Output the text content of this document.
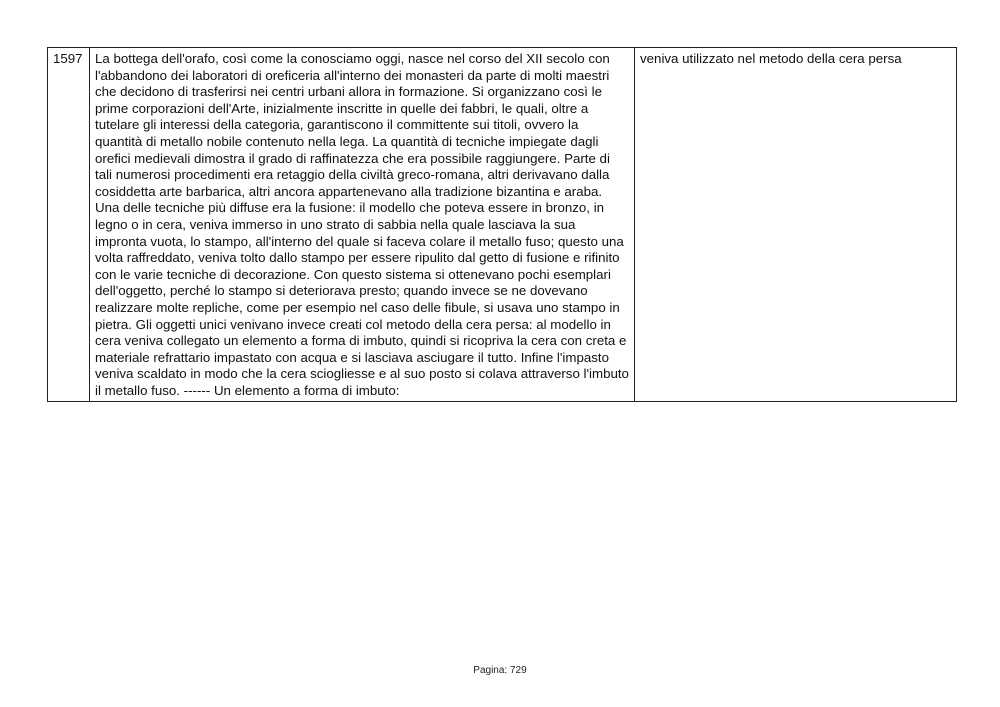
1597	La bottega dell'orafo, così come la conosciamo oggi, nasce nel corso del XII secolo con l'abbandono dei laboratori di oreficeria all'interno dei monasteri da parte di molti maestri che decidono di trasferirsi nei centri urbani allora in formazione. Si organizzano così le prime corporazioni dell'Arte, inizialmente inscritte in quelle dei fabbri, le quali, oltre a tutelare gli interessi della categoria, garantiscono il committente sui titoli, ovvero la quantità di metallo nobile contenuto nella lega. La quantità di tecniche impiegate dagli orefici medievali dimostra il grado di raffinatezza che era possibile raggiungere. Parte di tali numerosi procedimenti era retaggio della civiltà greco-romana, altri derivavano dalla cosiddetta arte barbarica, altri ancora appartenevano alla tradizione bizantina e araba. Una delle tecniche più diffuse era la fusione: il modello che poteva essere in bronzo, in legno o in cera, veniva immerso in uno strato di sabbia nella quale lasciava la sua impronta vuota, lo stampo, all'interno del quale si faceva colare il metallo fuso; questo una volta raffreddato, veniva tolto dallo stampo per essere ripulito dal getto di fusione e rifinito con le varie tecniche di decorazione. Con questo sistema si ottenevano pochi esemplari dell'oggetto, perché lo stampo si deteriorava presto; quando invece se ne dovevano realizzare molte repliche, come per esempio nel caso delle fibule, si usava uno stampo in pietra. Gli oggetti unici venivano invece creati col metodo della cera persa: al modello in cera veniva collegato un elemento a forma di imbuto, quindi si ricopriva la cera con creta e materiale refrattario impastato con acqua e si lasciava asciugare il tutto. Infine l'impasto veniva scaldato in modo che la cera sciogliesse e al suo posto si colava attraverso l'imbuto il metallo fuso. ------ Un elemento a forma di imbuto:	veniva utilizzato nel metodo della cera persa
Pagina: 729
